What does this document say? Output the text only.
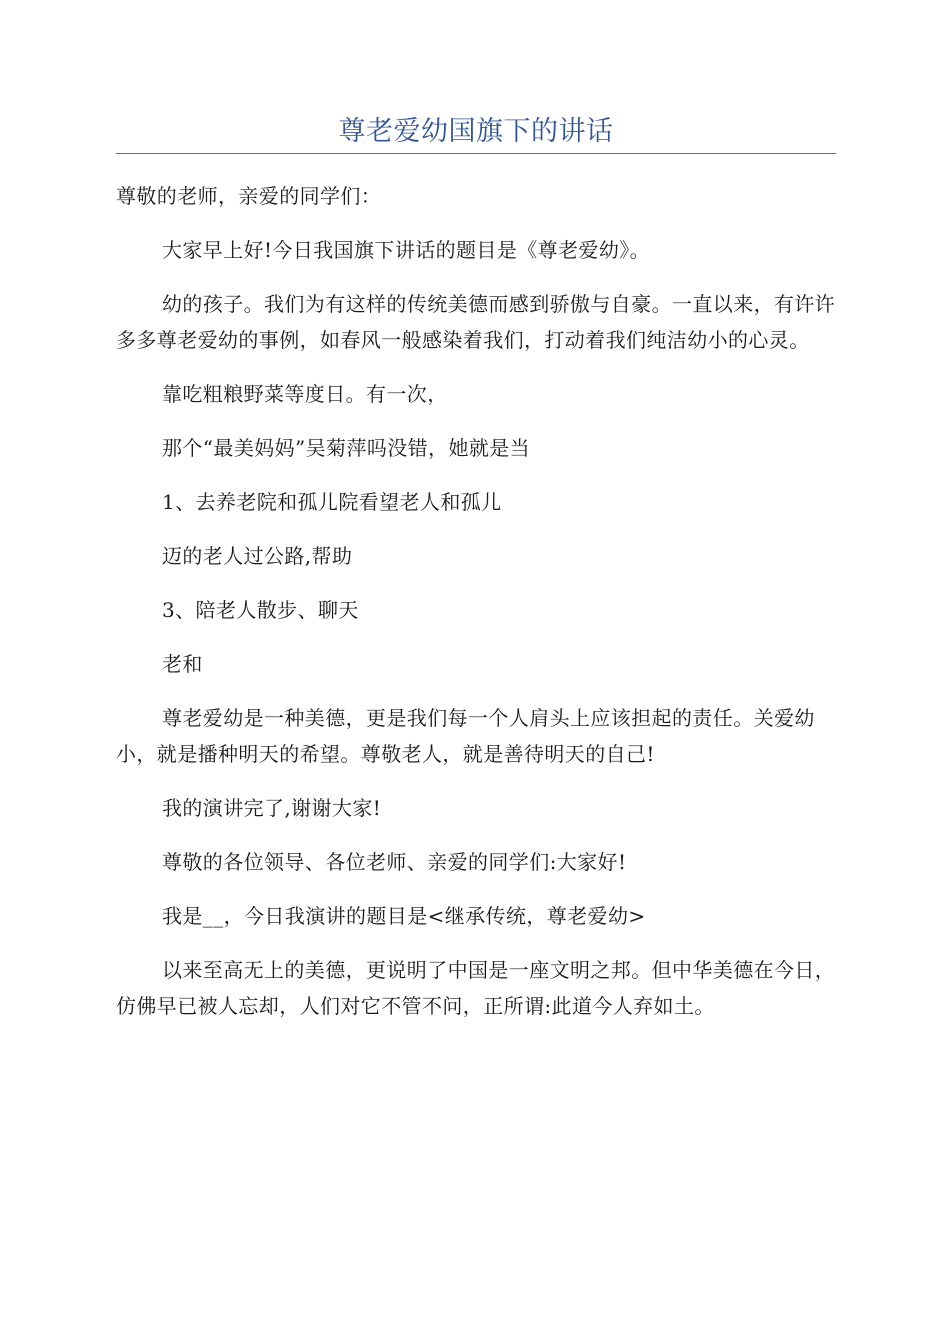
尊老爱幼国旗下的讲话

尊敬的老师，亲爱的同学们：

大家早上好!今日我国旗下讲话的题目是《尊老爱幼》。

幼的孩子。我们为有这样的传统美德而感到骄傲与自豪。一直以来，有许许多多尊老爱幼的事例，如春风一般感染着我们，打动着我们纯洁幼小的心灵。

靠吃粗粮野菜等度日。有一次，

那个“最美妈妈”吴菊萍吗没错，她就是当

1、去养老院和孤儿院看望老人和孤儿

迈的老人过公路,帮助

3、陪老人散步、聊天

老和

尊老爱幼是一种美德，更是我们每一个人肩头上应该担起的责任。关爱幼小，就是播种明天的希望。尊敬老人，就是善待明天的自己!

我的演讲完了,谢谢大家!

尊敬的各位领导、各位老师、亲爱的同学们:大家好!

我是__，今日我演讲的题目是<继承传统，尊老爱幼>

以来至高无上的美德，更说明了中国是一座文明之邦。但中华美德在今日，仿佛早已被人忘却，人们对它不管不问，正所谓:此道今人弃如土。
